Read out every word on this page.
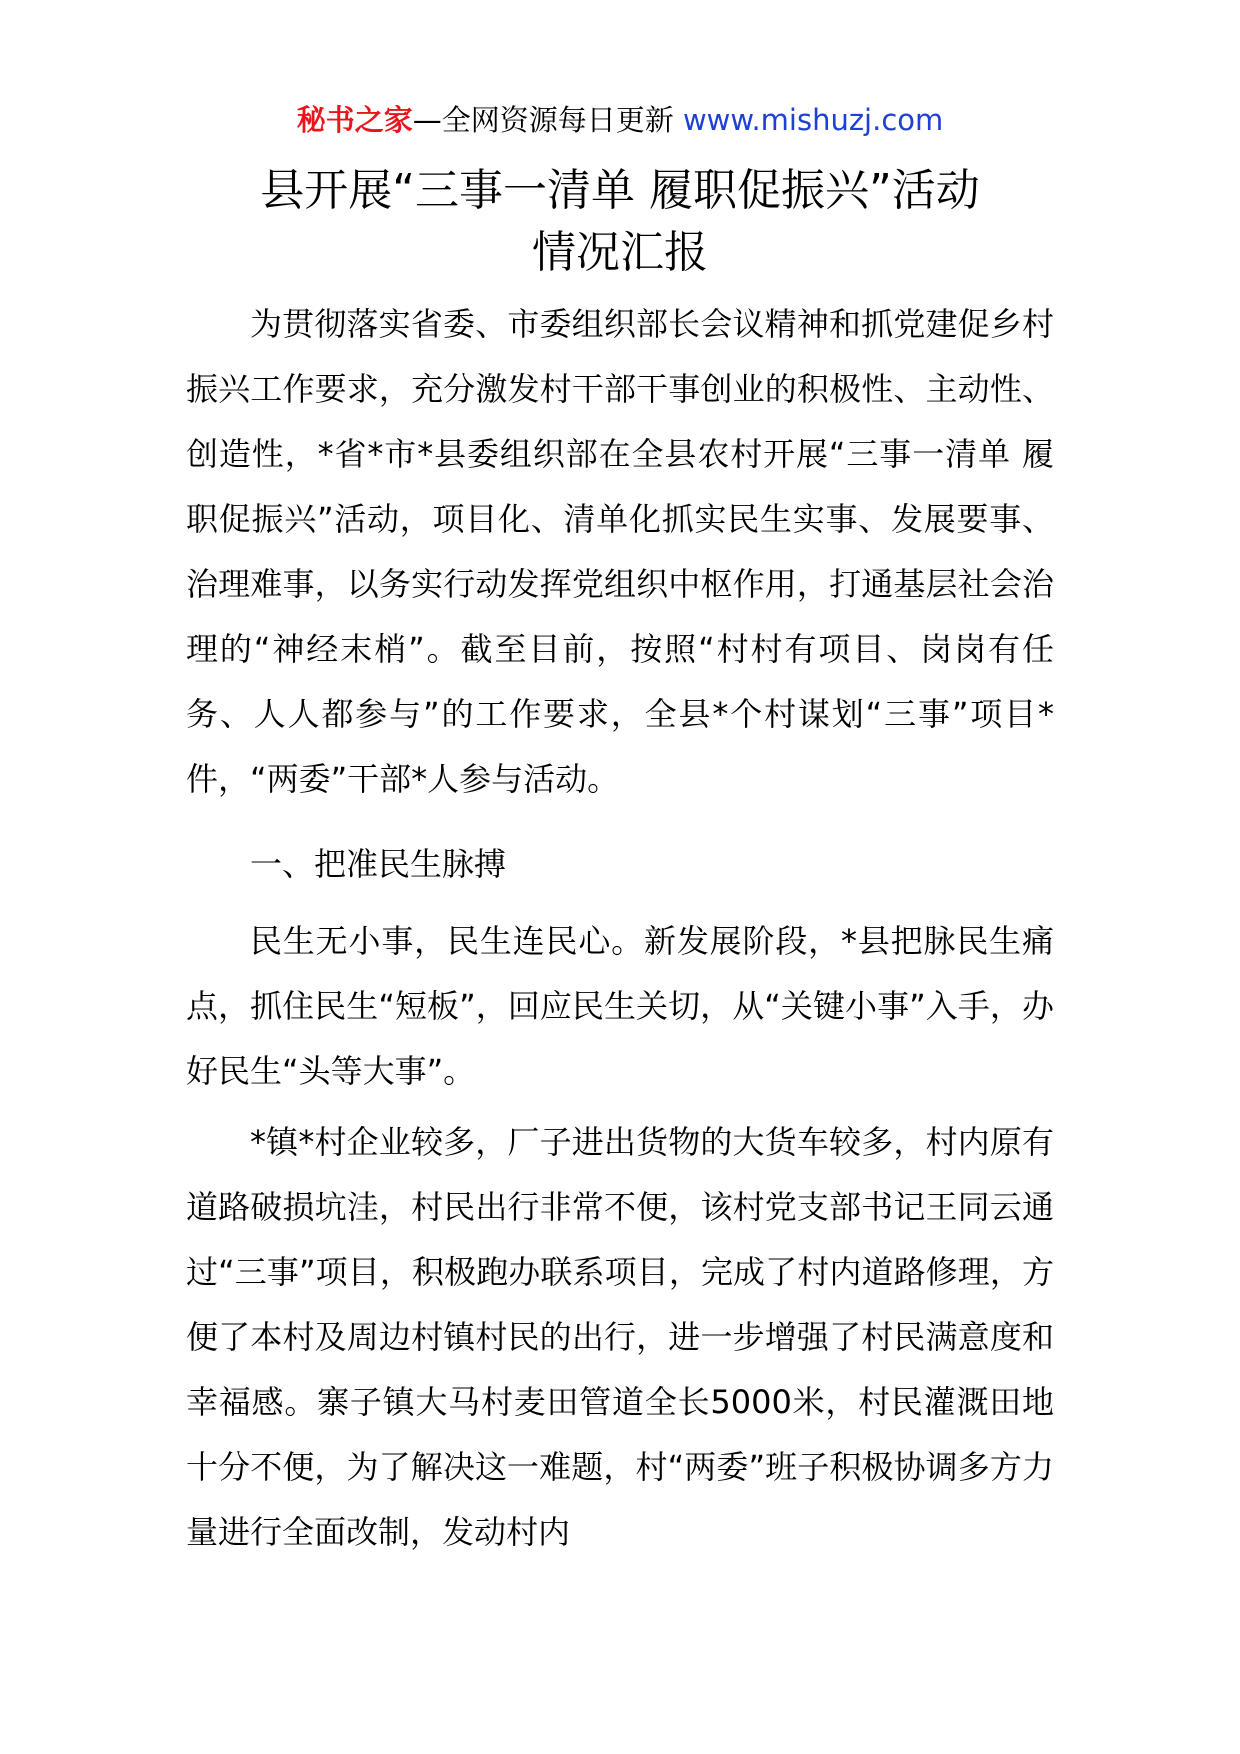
秘书之家—全网资源每日更新 www.mishuzj.com
县开展“三事一清单 履职促振兴”活动
情况汇报

为贯彻落实省委、市委组织部长会议精神和抓党建促乡村振兴工作要求，充分激发村干部干事创业的积极性、主动性、创造性，*省*市*县委组织部在全县农村开展“三事一清单 履职促振兴”活动，项目化、清单化抓实民生实事、发展要事、治理难事，以务实行动发挥党组织中枢作用，打通基层社会治理的“神经末梢”。截至目前，按照“村村有项目、岗岗有任务、人人都参与”的工作要求，全县*个村谋划“三事”项目*件，“两委”干部*人参与活动。

一、把准民生脉搏

民生无小事，民生连民心。新发展阶段，*县把脉民生痛点，抓住民生“短板”，回应民生关切，从“关键小事”入手，办好民生“头等大事”。

*镇*村企业较多，厂子进出货物的大货车较多，村内原有道路破损坑洼，村民出行非常不便，该村党支部书记王同云通过“三事”项目，积极跑办联系项目，完成了村内道路修理，方便了本村及周边村镇村民的出行，进一步增强了村民满意度和幸福感。寨子镇大马村麦田管道全长5000米，村民灌溉田地十分不便，为了解决这一难题，村“两委”班子积极协调多方力量进行全面改制，发动村内
